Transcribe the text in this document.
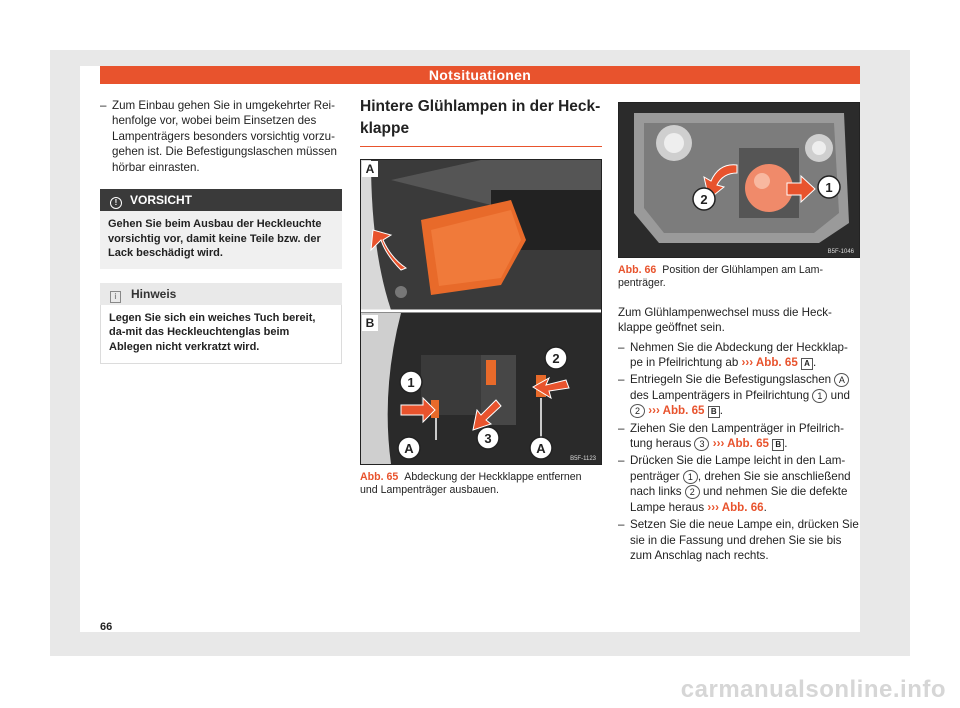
Notsituationen
– Zum Einbau gehen Sie in umgekehrter Rei-henfolge vor, wobei beim Einsetzen des Lampenträgers besonders vorsichtig vorzu-gehen ist. Die Befestigungslaschen müssen hörbar einrasten.
! VORSICHT
Gehen Sie beim Ausbau der Heckleuchte vorsichtig vor, damit keine Teile bzw. der Lack beschädigt wird.
i Hinweis
Legen Sie sich ein weiches Tuch bereit, da-mit das Heckleuchtenglas beim Ablegen nicht verkratzt wird.
Hintere Glühlampen in der Heck-klappe
A
1
2
3
A	A
B
B5F-1123
Abb. 65 Abdeckung der Heckklappe entfernen und Lampenträger ausbauen.
2
1
B5F-1046
Abb. 66 Position der Glühlampen am Lam-penträger.

Zum Glühlampenwechsel muss die Heck-klappe geöffnet sein.

– Nehmen Sie die Abdeckung der Heckklap-pe in Pfeilrichtung ab ››› Abb. 65 A .
– Entriegeln Sie die Befestigungslaschen A des Lampenträgers in Pfeilrichtung 1 und 2 ››› Abb. 65 B .
– Ziehen Sie den Lampenträger in Pfeilrich-tung heraus 3 ››› Abb. 65 B .
– Drücken Sie die Lampe leicht in den Lam-penträger 1 , drehen Sie sie anschließend nach links 2 und nehmen Sie die defekte Lampe heraus ››› Abb. 66.
– Setzen Sie die neue Lampe ein, drücken Sie sie in die Fassung und drehen Sie sie bis zum Anschlag nach rechts.
66
carmanualsonline.info
